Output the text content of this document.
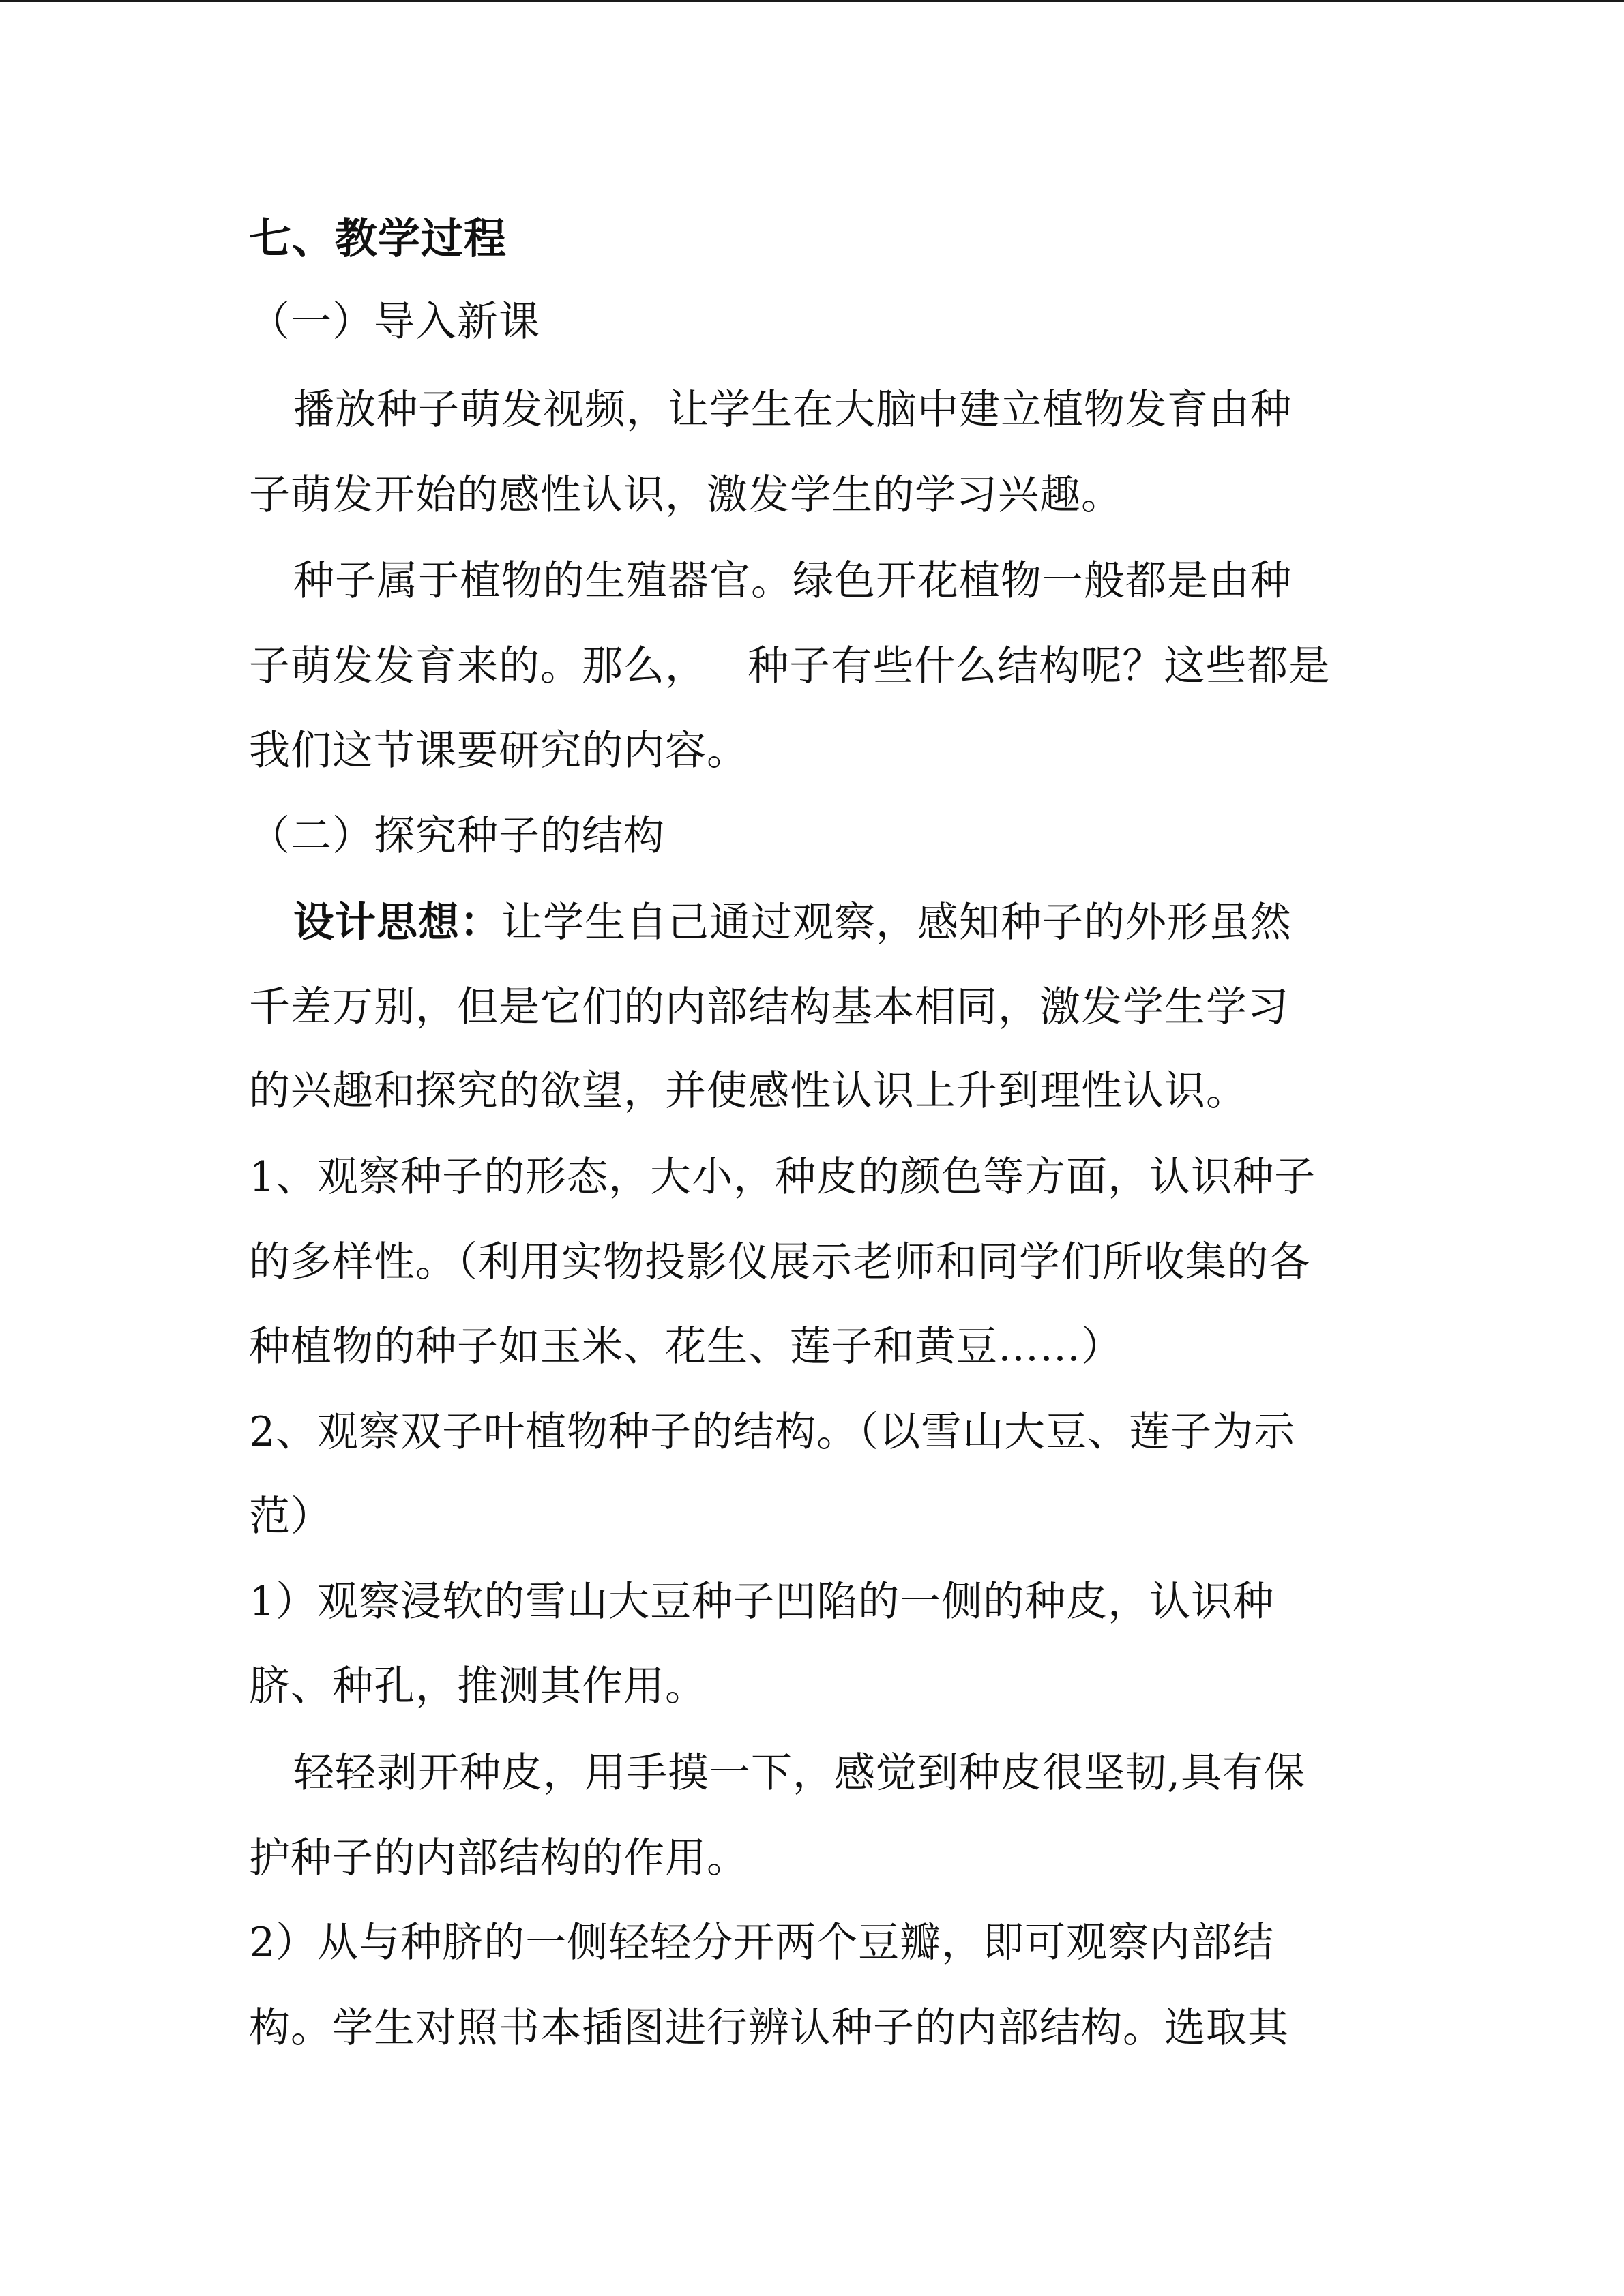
七、教学过程
（一）导入新课
播放种子萌发视频，让学生在大脑中建立植物发育由种
子萌发开始的感性认识，激发学生的学习兴趣。
种子属于植物的生殖器官。绿色开花植物一般都是由种
子萌发发育来的。那么，   种子有些什么结构呢？这些都是
我们这节课要研究的内容。
（二）探究种子的结构
设计思想：让学生自己通过观察，感知种子的外形虽然
千差万别，但是它们的内部结构基本相同，激发学生学习
的兴趣和探究的欲望，并使感性认识上升到理性认识。
1、观察种子的形态，大小，种皮的颜色等方面，认识种子
的多样性。（利用实物投影仪展示老师和同学们所收集的各
种植物的种子如玉米、花生、莲子和黄豆……）
2、观察双子叶植物种子的结构。（以雪山大豆、莲子为示
范）
1）观察浸软的雪山大豆种子凹陷的一侧的种皮，认识种
脐、种孔，推测其作用。
轻轻剥开种皮，用手摸一下，感觉到种皮很坚韧,具有保
护种子的内部结构的作用。
2）从与种脐的一侧轻轻分开两个豆瓣，即可观察内部结
构。学生对照书本插图进行辨认种子的内部结构。选取其
